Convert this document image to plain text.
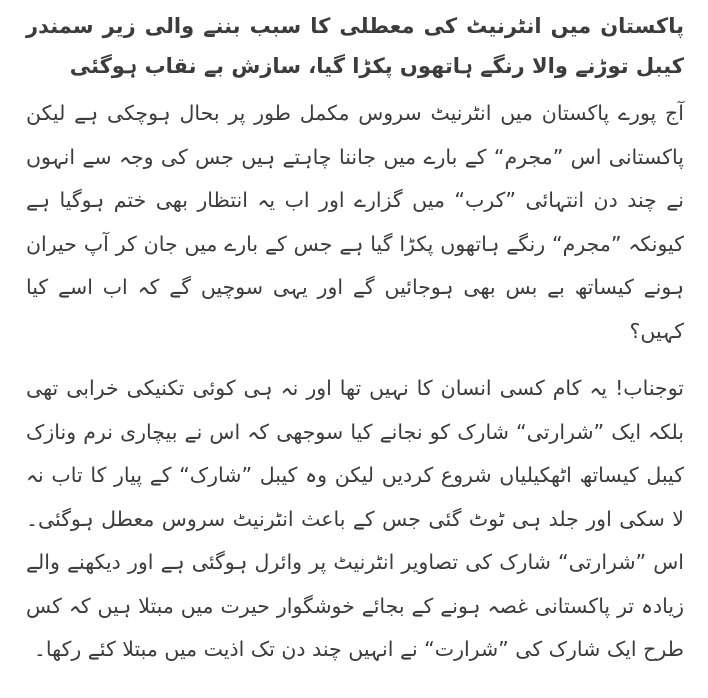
پاکستان میں انٹرنیٹ کی معطلی کا سبب بننے والی زیر سمندر کیبل توڑنے والا رنگے ہاتھوں پکڑا گیا، سازش بے نقاب ہوگئی

آج پورے پاکستان میں انٹرنیٹ سروس مکمل طور پر بحال ہوچکی ہے لیکن پاکستانی اس ”مجرم“ کے بارے میں جاننا چاہتے ہیں جس کی وجہ سے انہوں نے چند دن انتہائی ”کرب“ میں گزارے اور اب یہ انتظار بھی ختم ہوگیا ہے کیونکہ ”مجرم“ رنگے ہاتھوں پکڑا گیا ہے جس کے بارے میں جان کر آپ حیران ہونے کیساتھ بے بس بھی ہوجائیں گے اور یہی سوچیں گے کہ اب اسے کیا کہیں؟

توجناب! یہ کام کسی انسان کا نہیں تھا اور نہ ہی کوئی تکنیکی خرابی تھی بلکہ ایک ”شرارتی“ شارک کو نجانے کیا سوجھی کہ اس نے بیچاری نرم ونازک کیبل کیساتھ اٹھکیلیاں شروع کردیں لیکن وہ کیبل ”شارک“ کے پیار کا تاب نہ لا سکی اور جلد ہی ٹوٹ گئی جس کے باعث انٹرنیٹ سروس معطل ہوگئی۔ اس ”شرارتی“ شارک کی تصاویر انٹرنیٹ پر وائرل ہوگئی ہے اور دیکھنے والے زیادہ تر پاکستانی غصہ ہونے کے بجائے خوشگوار حیرت میں مبتلا ہیں کہ کس طرح ایک شارک کی ”شرارت“ نے انہیں چند دن تک اذیت میں مبتلا کئے رکھا۔
